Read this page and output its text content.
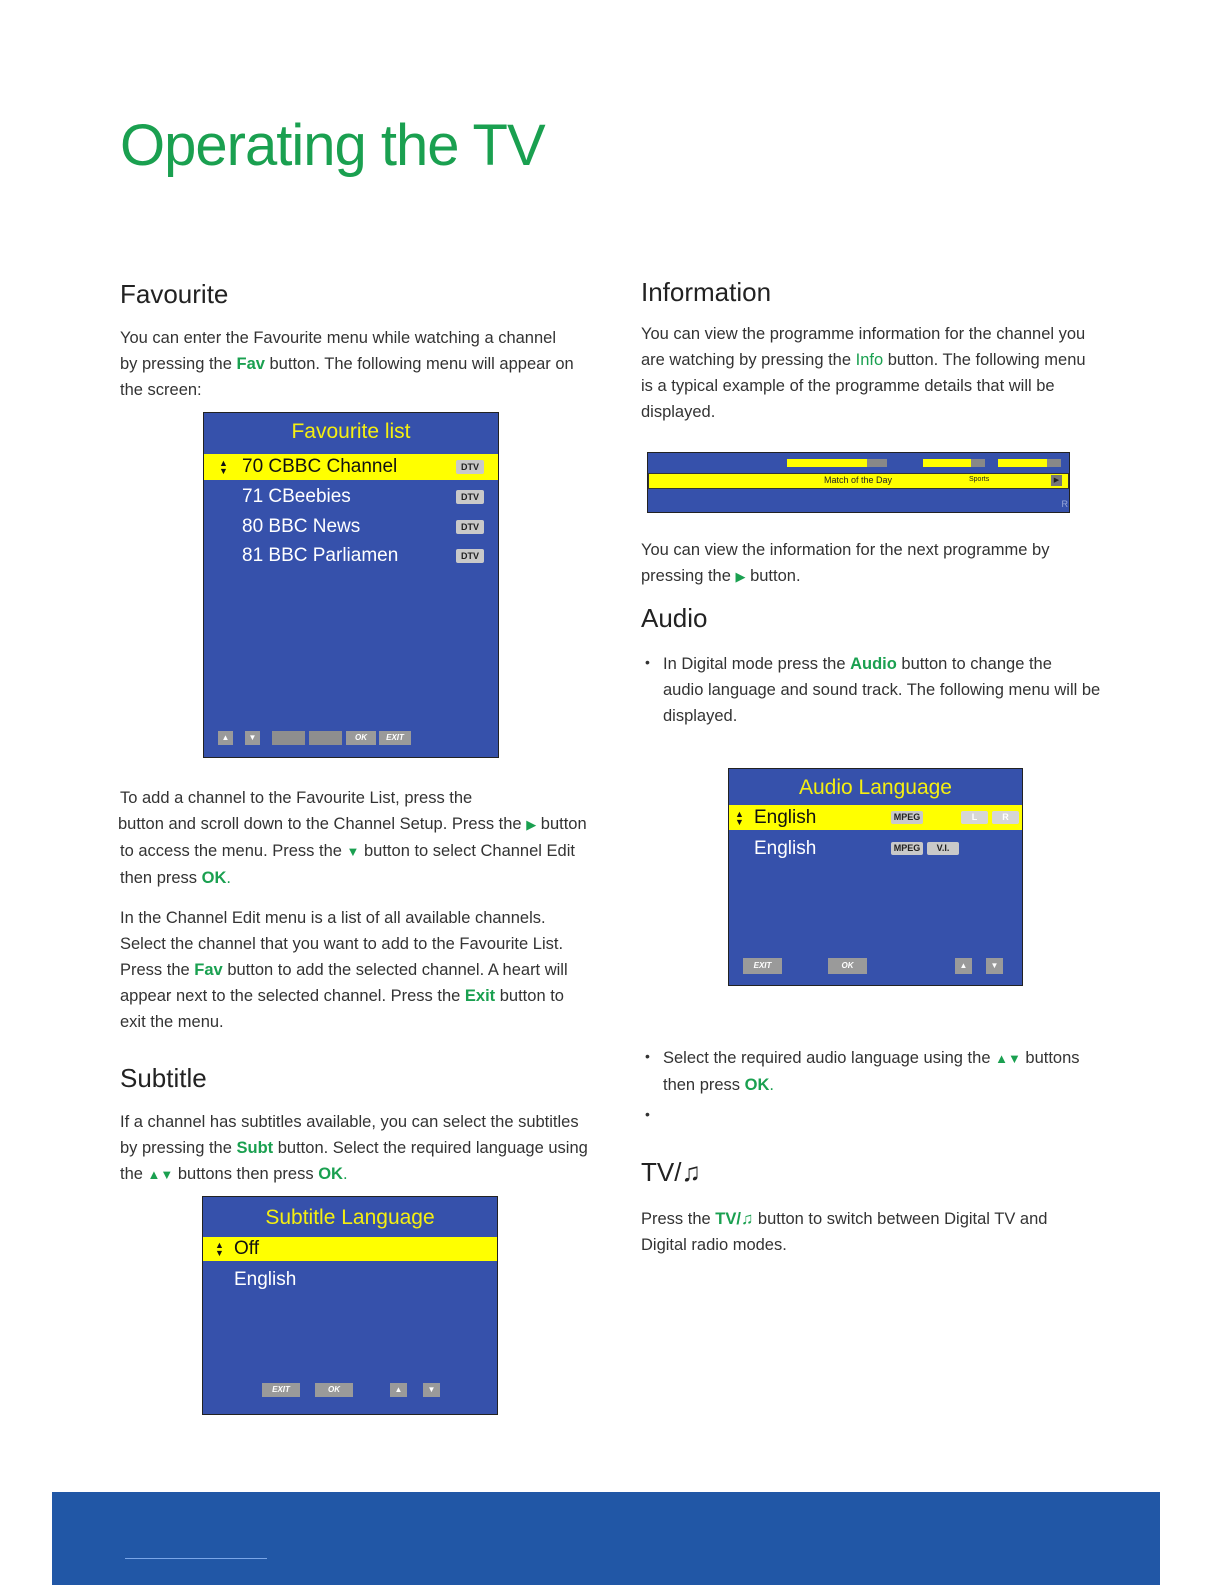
Operating the TV
Favourite

You can enter the Favourite menu while watching a channel
by pressing the Fav button. The following menu will appear on
the screen:

Favourite list
▲
▼ 70 CBBC Channel	DTV
71 CBeebies	DTV
80 BBC News	DTV
81 BBC Parliamen	DTV
▲	▼	OK	EXIT

To add a channel to the Favourite List, press the
button and scroll down to the Channel Setup. Press the ▶ button
to access the menu. Press the ▼ button to select Channel Edit
then press OK.

In the Channel Edit menu is a list of all available channels.
Select the channel that you want to add to the Favourite List.
Press the Fav button to add the selected channel. A heart will
appear next to the selected channel. Press the Exit button to
exit the menu.

Subtitle

If a channel has subtitles available, you can select the subtitles
by pressing the Subt button. Select the required language using
the ▲▼ buttons then press OK.

Subtitle Language
▲
▼ Off
English
EXIT	OK	▲	▼
Information

You can view the programme information for the channel you
are watching by pressing the Info button. The following menu
is a typical example of the programme details that will be
displayed.

Match of the Day	Sports	▶
R

You can view the information for the next programme by
pressing the ▶ button.

Audio
• In Digital mode press the Audio button to change the
audio language and sound track. The following menu will be
displayed.

Audio Language
▲
▼ English	MPEG	L	R
English	MPEG	V.I.
EXIT	OK	▲	▼
• Select the required audio language using the ▲▼ buttons
then press OK.

•
TV/♫

Press the TV/♫ button to switch between Digital TV and
Digital radio modes.
